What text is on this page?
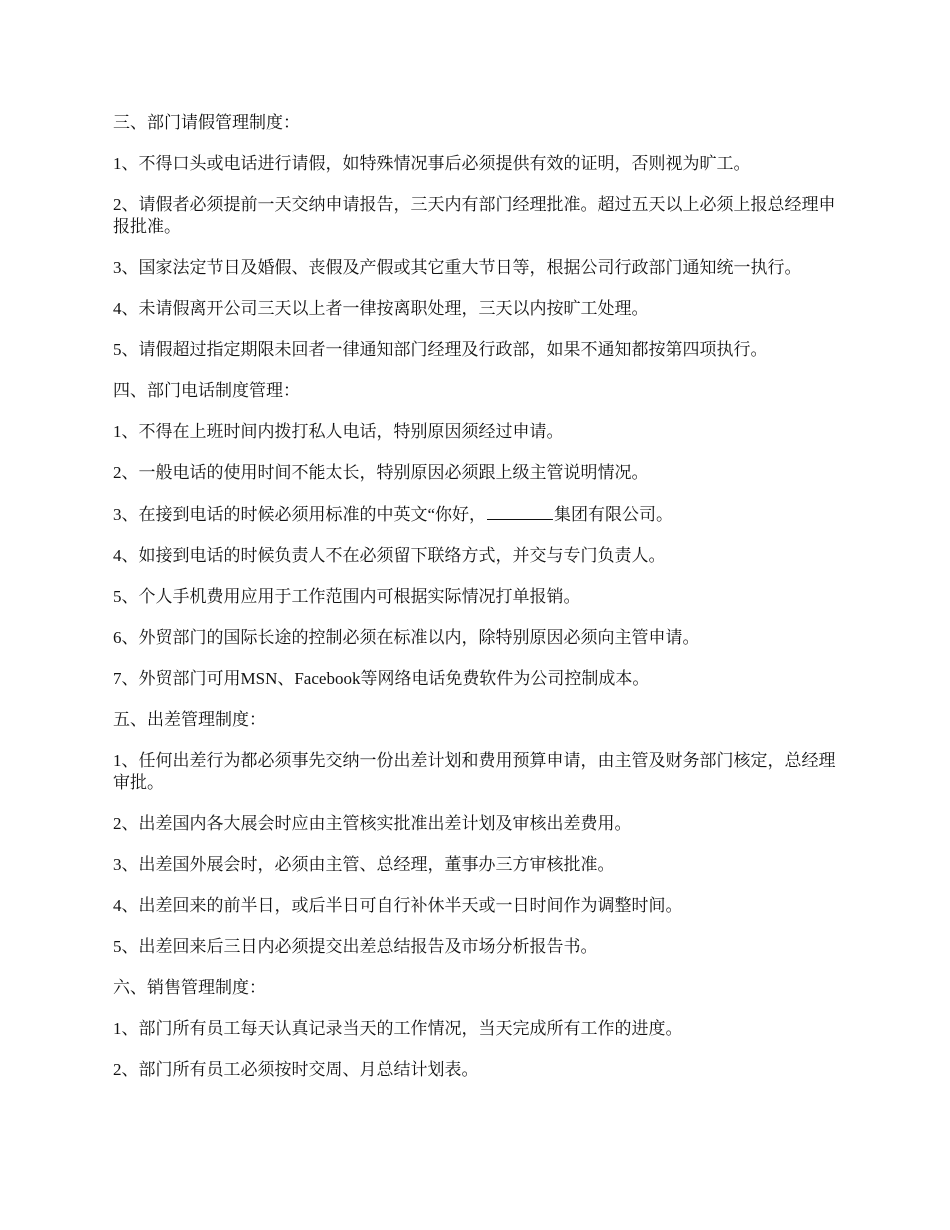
三、部门请假管理制度：

1、不得口头或电话进行请假，如特殊情况事后必须提供有效的证明，否则视为旷工。

2、请假者必须提前一天交纳申请报告，三天内有部门经理批准。超过五天以上必须上报总经理申报批准。

3、国家法定节日及婚假、丧假及产假或其它重大节日等，根据公司行政部门通知统一执行。

4、未请假离开公司三天以上者一律按离职处理，三天以内按旷工处理。

5、请假超过指定期限未回者一律通知部门经理及行政部，如果不通知都按第四项执行。

四、部门电话制度管理：

1、不得在上班时间内拨打私人电话，特别原因须经过申请。

2、一般电话的使用时间不能太长，特别原因必须跟上级主管说明情况。

3、在接到电话的时候必须用标准的中英文“你好，	集团有限公司。

4、如接到电话的时候负责人不在必须留下联络方式，并交与专门负责人。

5、个人手机费用应用于工作范围内可根据实际情况打单报销。

6、外贸部门的国际长途的控制必须在标准以内，除特别原因必须向主管申请。

7、外贸部门可用MSN、Facebook等网络电话免费软件为公司控制成本。

五、出差管理制度：

1、任何出差行为都必须事先交纳一份出差计划和费用预算申请，由主管及财务部门核定，总经理审批。

2、出差国内各大展会时应由主管核实批准出差计划及审核出差费用。

3、出差国外展会时，必须由主管、总经理，董事办三方审核批准。

4、出差回来的前半日，或后半日可自行补休半天或一日时间作为调整时间。

5、出差回来后三日内必须提交出差总结报告及市场分析报告书。

六、销售管理制度：

1、部门所有员工每天认真记录当天的工作情况，当天完成所有工作的进度。

2、部门所有员工必须按时交周、月总结计划表。
